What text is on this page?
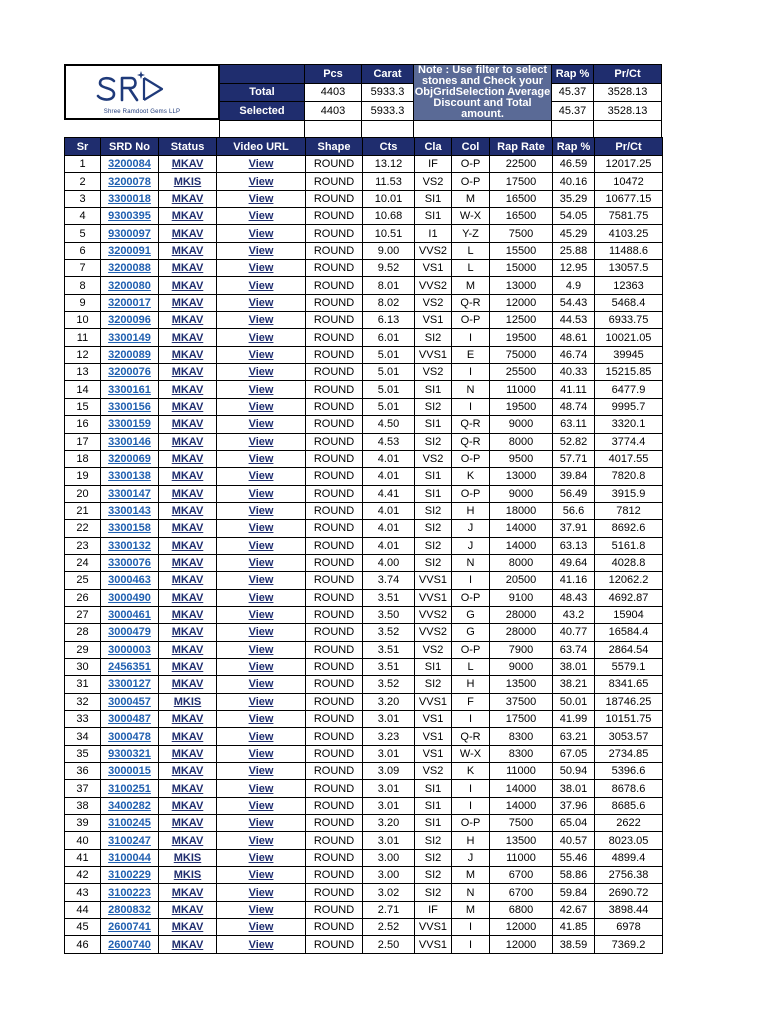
Shree Ramdoot Gems LLP
	Pcs	Carat	Note : Use filter to select stones and Check your ObjGridSelection Average Discount and Total amount.	Rap %	Pr/Ct
Total	4403	5933.3		45.37	3528.13
Selected	4403	5933.3		45.37	3528.13

Sr	SRD No	Status	Video URL	Shape	Cts	Cla	Col	Rap Rate	Rap %	Pr/Ct
1	3200084	MKAV	View	ROUND	13.12	IF	O-P	22500	46.59	12017.25
2	3200078	MKIS	View	ROUND	11.53	VS2	O-P	17500	40.16	10472
3	3300018	MKAV	View	ROUND	10.01	SI1	M	16500	35.29	10677.15
4	9300395	MKAV	View	ROUND	10.68	SI1	W-X	16500	54.05	7581.75
5	9300097	MKAV	View	ROUND	10.51	I1	Y-Z	7500	45.29	4103.25
6	3200091	MKAV	View	ROUND	9.00	VVS2	L	15500	25.88	11488.6
7	3200088	MKAV	View	ROUND	9.52	VS1	L	15000	12.95	13057.5
8	3200080	MKAV	View	ROUND	8.01	VVS2	M	13000	4.9	12363
9	3200017	MKAV	View	ROUND	8.02	VS2	Q-R	12000	54.43	5468.4
10	3200096	MKAV	View	ROUND	6.13	VS1	O-P	12500	44.53	6933.75
11	3300149	MKAV	View	ROUND	6.01	SI2	I	19500	48.61	10021.05
12	3200089	MKAV	View	ROUND	5.01	VVS1	E	75000	46.74	39945
13	3200076	MKAV	View	ROUND	5.01	VS2	I	25500	40.33	15215.85
14	3300161	MKAV	View	ROUND	5.01	SI1	N	11000	41.11	6477.9
15	3300156	MKAV	View	ROUND	5.01	SI2	I	19500	48.74	9995.7
16	3300159	MKAV	View	ROUND	4.50	SI1	Q-R	9000	63.11	3320.1
17	3300146	MKAV	View	ROUND	4.53	SI2	Q-R	8000	52.82	3774.4
18	3200069	MKAV	View	ROUND	4.01	VS2	O-P	9500	57.71	4017.55
19	3300138	MKAV	View	ROUND	4.01	SI1	K	13000	39.84	7820.8
20	3300147	MKAV	View	ROUND	4.41	SI1	O-P	9000	56.49	3915.9
21	3300143	MKAV	View	ROUND	4.01	SI2	H	18000	56.6	7812
22	3300158	MKAV	View	ROUND	4.01	SI2	J	14000	37.91	8692.6
23	3300132	MKAV	View	ROUND	4.01	SI2	J	14000	63.13	5161.8
24	3300076	MKAV	View	ROUND	4.00	SI2	N	8000	49.64	4028.8
25	3000463	MKAV	View	ROUND	3.74	VVS1	I	20500	41.16	12062.2
26	3000490	MKAV	View	ROUND	3.51	VVS1	O-P	9100	48.43	4692.87
27	3000461	MKAV	View	ROUND	3.50	VVS2	G	28000	43.2	15904
28	3000479	MKAV	View	ROUND	3.52	VVS2	G	28000	40.77	16584.4
29	3000003	MKAV	View	ROUND	3.51	VS2	O-P	7900	63.74	2864.54
30	2456351	MKAV	View	ROUND	3.51	SI1	L	9000	38.01	5579.1
31	3300127	MKAV	View	ROUND	3.52	SI2	H	13500	38.21	8341.65
32	3000457	MKIS	View	ROUND	3.20	VVS1	F	37500	50.01	18746.25
33	3000487	MKAV	View	ROUND	3.01	VS1	I	17500	41.99	10151.75
34	3000478	MKAV	View	ROUND	3.23	VS1	Q-R	8300	63.21	3053.57
35	9300321	MKAV	View	ROUND	3.01	VS1	W-X	8300	67.05	2734.85
36	3000015	MKAV	View	ROUND	3.09	VS2	K	11000	50.94	5396.6
37	3100251	MKAV	View	ROUND	3.01	SI1	I	14000	38.01	8678.6
38	3400282	MKAV	View	ROUND	3.01	SI1	I	14000	37.96	8685.6
39	3100245	MKAV	View	ROUND	3.20	SI1	O-P	7500	65.04	2622
40	3100247	MKAV	View	ROUND	3.01	SI2	H	13500	40.57	8023.05
41	3100044	MKIS	View	ROUND	3.00	SI2	J	11000	55.46	4899.4
42	3100229	MKIS	View	ROUND	3.00	SI2	M	6700	58.86	2756.38
43	3100223	MKAV	View	ROUND	3.02	SI2	N	6700	59.84	2690.72
44	2800832	MKAV	View	ROUND	2.71	IF	M	6800	42.67	3898.44
45	2600741	MKAV	View	ROUND	2.52	VVS1	I	12000	41.85	6978
46	2600740	MKAV	View	ROUND	2.50	VVS1	I	12000	38.59	7369.2
